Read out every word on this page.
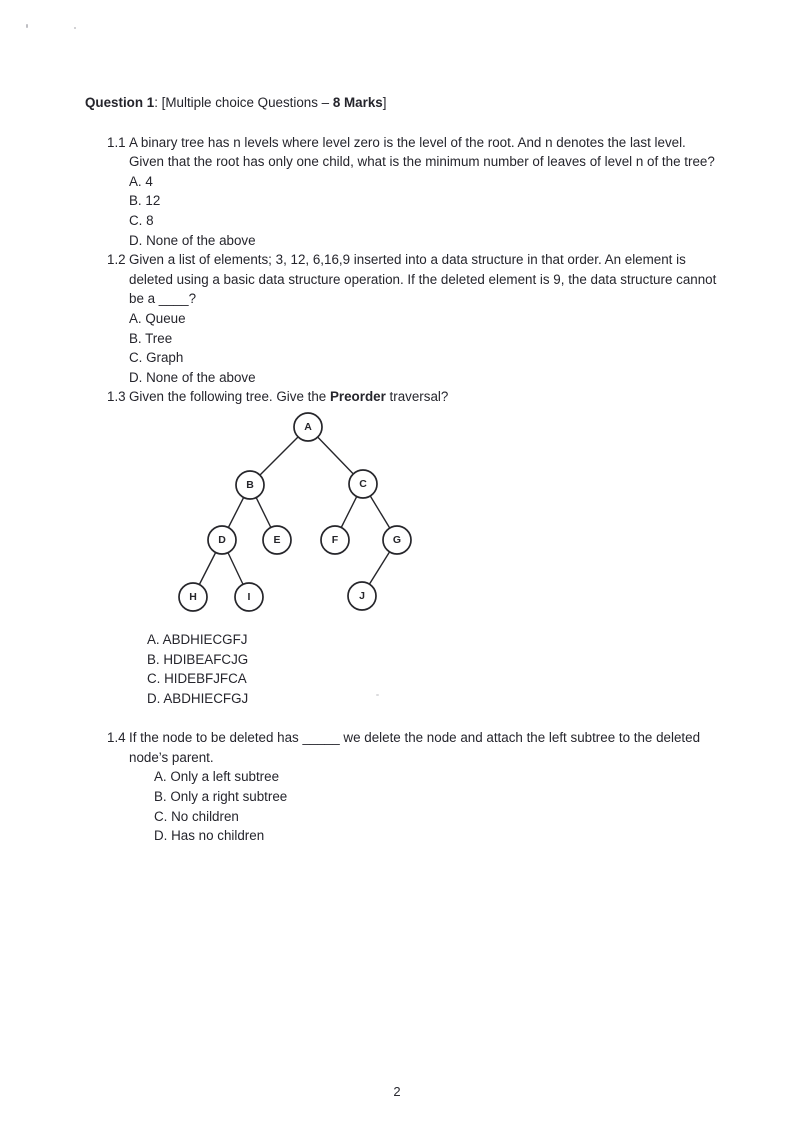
Question 1: [Multiple choice Questions – 8 Marks]

1.1 A binary tree has n levels where level zero is the level of the root. And n denotes the last level. Given that the root has only one child, what is the minimum number of leaves of level n of the tree?
A. 4
B. 12
C. 8
D. None of the above
1.2 Given a list of elements; 3, 12, 6,16,9 inserted into a data structure in that order. An element is deleted using a basic data structure operation. If the deleted element is 9, the data structure cannot be a ____?
A. Queue
B. Tree
C. Graph
D. None of the above
1.3 Given the following tree. Give the Preorder traversal?
A
B	C
D	E	F	G
H	I	J
A. ABDHIECGFJ
B. HDIBEAFCJG
C. HIDEBFJFCA
D. ABDHIECFGJ
1.4 If the node to be deleted has _____ we delete the node and attach the left subtree to the deleted node’s parent.
A. Only a left subtree
B. Only a right subtree
C. No children
D. Has no children
2
